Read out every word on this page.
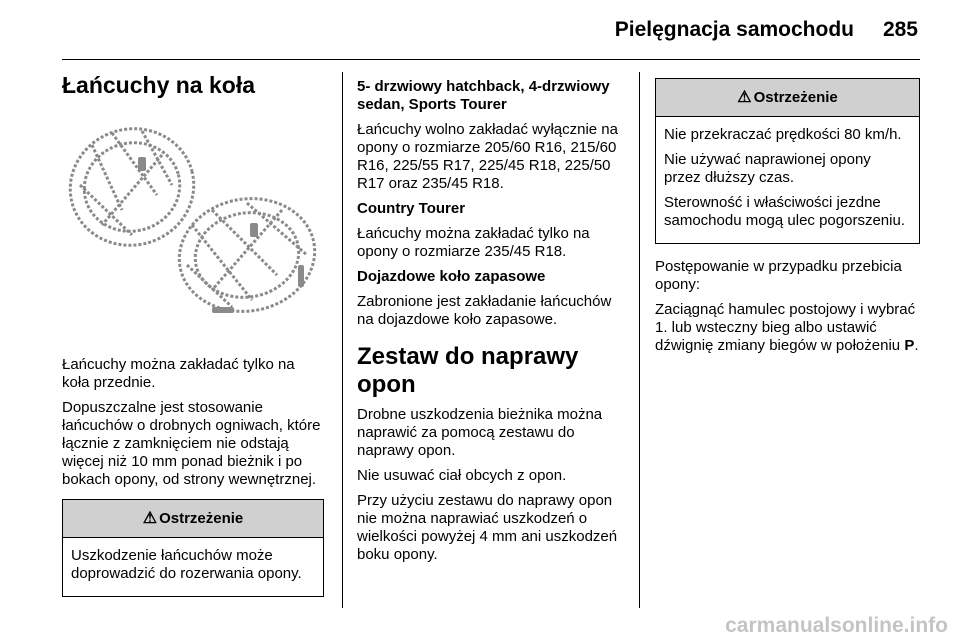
Pielęgnacja samochodu 285
Łańcuchy na koła

Łańcuchy można zakładać tylko na koła przednie.

Dopuszczalne jest stosowanie łańcuchów o drobnych ogniwach, które łącznie z zamknięciem nie odstają więcej niż 10 mm ponad bieżnik i po bokach opony, od strony wewnętrznej.

⚠ Ostrzeżenie

Uszkodzenie łańcuchów może doprowadzić do rozerwania opony.

5- drzwiowy hatchback, 4-drzwiowy sedan, Sports Tourer

Łańcuchy wolno zakładać wyłącznie na opony o rozmiarze 205/60 R16, 215/60 R16, 225/55 R17, 225/45 R18, 225/50 R17 oraz 235/45 R18.

Country Tourer

Łańcuchy można zakładać tylko na opony o rozmiarze 235/45 R18.

Dojazdowe koło zapasowe

Zabronione jest zakładanie łańcuchów na dojazdowe koło zapasowe.

Zestaw do naprawy opon

Drobne uszkodzenia bieżnika można naprawić za pomocą zestawu do naprawy opon.

Nie usuwać ciał obcych z opon.

Przy użyciu zestawu do naprawy opon nie można naprawiać uszkodzeń o wielkości powyżej 4 mm ani uszkodzeń boku opony.

⚠ Ostrzeżenie

Nie przekraczać prędkości 80 km/h.

Nie używać naprawionej opony przez dłuższy czas.

Sterowność i właściwości jezdne samochodu mogą ulec pogorszeniu.

Postępowanie w przypadku przebicia opony:

Zaciągnąć hamulec postojowy i wybrać 1. lub wsteczny bieg albo ustawić dźwignię zmiany biegów w położeniu P.

carmanualsonline.info
